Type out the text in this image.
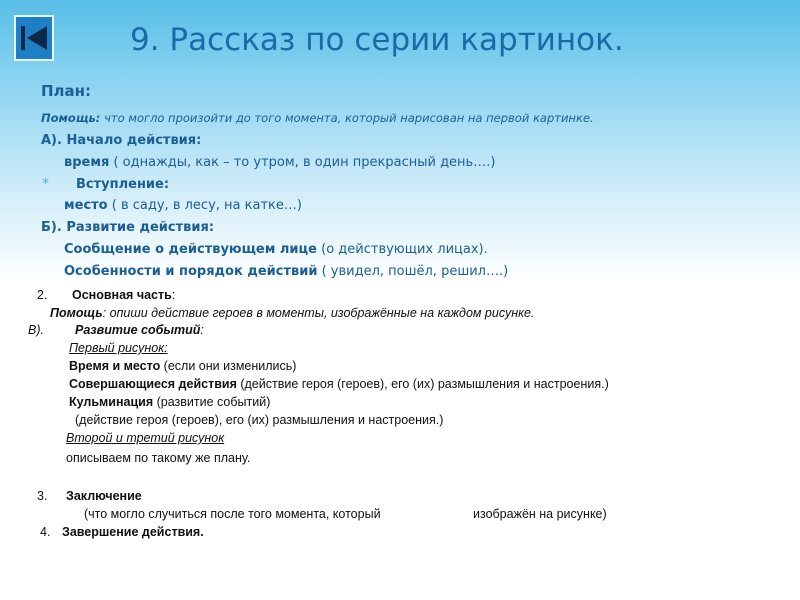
9. Рассказ по серии картинок.
План:
Помощь: что могло произойти до того момента, который нарисован на первой картинке.
А). Начало действия:
время ( однажды, как – то утром, в один прекрасный день….)
* Вступление:
место ( в саду, в лесу, на катке…)
Б). Развитие действия:
Сообщение о действующем лице (о действующих лицах).
Особенности и порядок действий ( увидел, пошёл, решил….)
2. Основная часть:
Помощь: опиши действие героев в моменты, изображённые на каждом рисунке.
В). Развитие событий:
Первый рисунок:
Время и место (если они изменились)
Совершающиеся действия (действие героя (героев), его (их) размышления и настроения.)
Кульминация (развитие событий)
(действие героя (героев), его (их) размышления и настроения.)
Второй и третий рисунок
описываем по такому же плану.
3. Заключение
(что могло случиться после того момента, который	изображён на рисунке)
4. Завершение действия.
